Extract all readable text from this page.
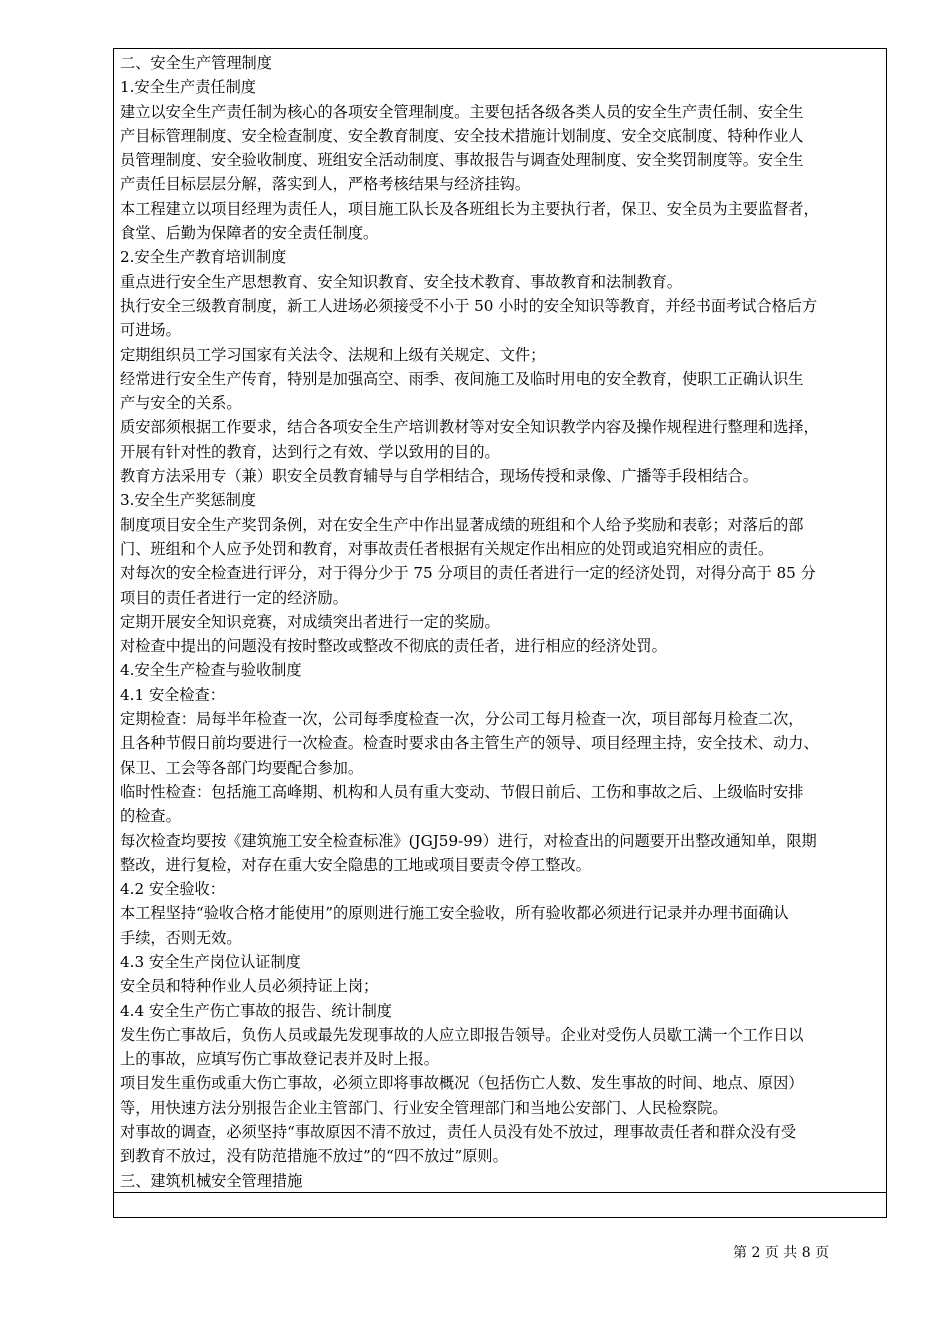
二、安全生产管理制度
1.安全生产责任制度
建立以安全生产责任制为核心的各项安全管理制度。主要包括各级各类人员的安全生产责任制、安全生
产目标管理制度、安全检查制度、安全教育制度、安全技术措施计划制度、安全交底制度、特种作业人
员管理制度、安全验收制度、班组安全活动制度、事故报告与调查处理制度、安全奖罚制度等。安全生
产责任目标层层分解，落实到人，严格考核结果与经济挂钩。
本工程建立以项目经理为责任人，项目施工队长及各班组长为主要执行者，保卫、安全员为主要监督者，
食堂、后勤为保障者的安全责任制度。
2.安全生产教育培训制度
重点进行安全生产思想教育、安全知识教育、安全技术教育、事故教育和法制教育。
执行安全三级教育制度，新工人进场必须接受不小于 50 小时的安全知识等教育，并经书面考试合格后方
可进场。
定期组织员工学习国家有关法令、法规和上级有关规定、文件；
经常进行安全生产传育，特别是加强高空、雨季、夜间施工及临时用电的安全教育，使职工正确认识生
产与安全的关系。
质安部须根据工作要求，结合各项安全生产培训教材等对安全知识教学内容及操作规程进行整理和选择，
开展有针对性的教育，达到行之有效、学以致用的目的。
教育方法采用专（兼）职安全员教育辅导与自学相结合，现场传授和录像、广播等手段相结合。
3.安全生产奖惩制度
制度项目安全生产奖罚条例，对在安全生产中作出显著成绩的班组和个人给予奖励和表彰；对落后的部
门、班组和个人应予处罚和教育，对事故责任者根据有关规定作出相应的处罚或追究相应的责任。
对每次的安全检查进行评分，对于得分少于 75 分项目的责任者进行一定的经济处罚，对得分高于 85 分
项目的责任者进行一定的经济励。
定期开展安全知识竞赛，对成绩突出者进行一定的奖励。
对检查中提出的问题没有按时整改或整改不彻底的责任者，进行相应的经济处罚。
4.安全生产检查与验收制度
4.1 安全检查：
定期检查：局每半年检查一次，公司每季度检查一次，分公司工每月检查一次，项目部每月检查二次，
且各种节假日前均要进行一次检查。检查时要求由各主管生产的领导、项目经理主持，安全技术、动力、
保卫、工会等各部门均要配合参加。
临时性检查：包括施工高峰期、机构和人员有重大变动、节假日前后、工伤和事故之后、上级临时安排
的检查。
每次检查均要按《建筑施工安全检查标准》(JGJ59-99）进行，对检查出的问题要开出整改通知单，限期
整改，进行复检，对存在重大安全隐患的工地或项目要责令停工整改。
4.2 安全验收：
本工程坚持“验收合格才能使用”的原则进行施工安全验收，所有验收都必须进行记录并办理书面确认
手续，否则无效。
4.3 安全生产岗位认证制度
安全员和特种作业人员必须持证上岗；
4.4 安全生产伤亡事故的报告、统计制度
发生伤亡事故后，负伤人员或最先发现事故的人应立即报告领导。企业对受伤人员歇工满一个工作日以
上的事故，应填写伤亡事故登记表并及时上报。
项目发生重伤或重大伤亡事故，必须立即将事故概况（包括伤亡人数、发生事故的时间、地点、原因）
等，用快速方法分别报告企业主管部门、行业安全管理部门和当地公安部门、人民检察院。
对事故的调查，必须坚持“事故原因不清不放过，责任人员没有处不放过，理事故责任者和群众没有受
到教育不放过，没有防范措施不放过”的“四不放过”原则。
三、建筑机械安全管理措施
第 2 页 共 8 页
